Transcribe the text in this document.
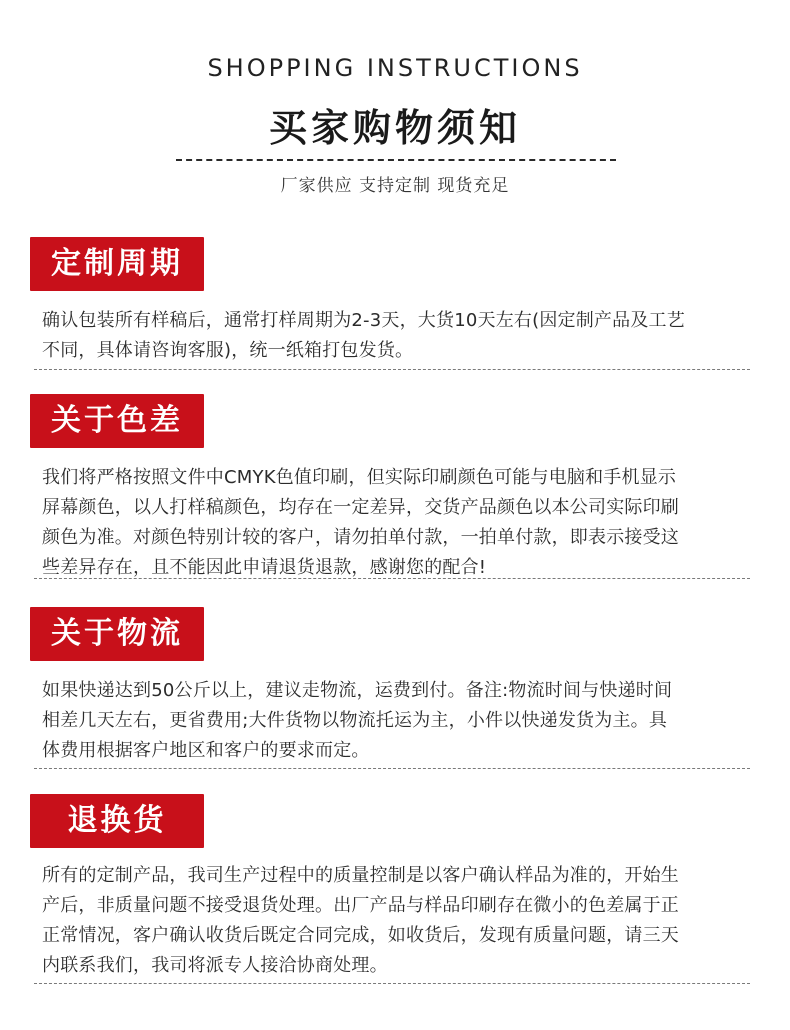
SHOPPING INSTRUCTIONS
买家购物须知
厂家供应 支持定制 现货充足
定制周期
确认包装所有样稿后，通常打样周期为2-3天，大货10天左右(因定制产品及工艺
不同，具体请咨询客服)，统一纸箱打包发货。
关于色差
我们将严格按照文件中CMYK色值印刷，但实际印刷颜色可能与电脑和手机显示
屏幕颜色，以人打样稿颜色，均存在一定差异，交货产品颜色以本公司实际印刷
颜色为准。对颜色特别计较的客户，请勿拍单付款，一拍单付款，即表示接受这
些差异存在，且不能因此申请退货退款，感谢您的配合!
关于物流
如果快递达到50公斤以上，建议走物流，运费到付。备注:物流时间与快递时间
相差几天左右，更省费用;大件货物以物流托运为主，小件以快递发货为主。具
体费用根据客户地区和客户的要求而定。
退换货
所有的定制产品，我司生产过程中的质量控制是以客户确认样品为准的，开始生
产后，非质量问题不接受退货处理。出厂产品与样品印刷存在微小的色差属于正
正常情况，客户确认收货后既定合同完成，如收货后，发现有质量问题，请三天
内联系我们，我司将派专人接洽协商处理。
